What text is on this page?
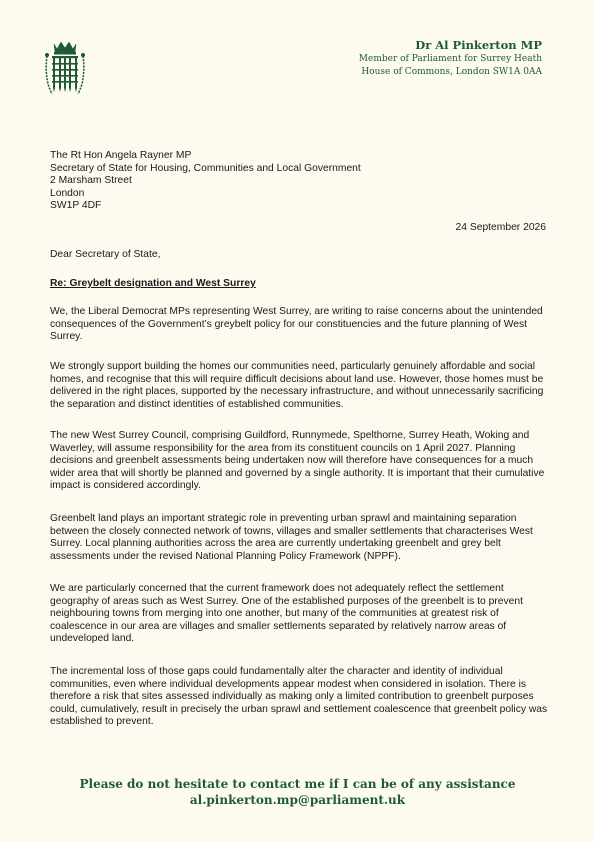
Dr Al Pinkerton MP
Member of Parliament for Surrey Heath
House of Commons, London SW1A 0AA
The Rt Hon Angela Rayner MP
Secretary of State for Housing, Communities and Local Government
2 Marsham Street
London
SW1P 4DF
24 September 2026
Dear Secretary of State,
Re: Greybelt designation and West Surrey

We, the Liberal Democrat MPs representing West Surrey, are writing to raise concerns about the unintended consequences of the Government’s greybelt policy for our constituencies and the future planning of West Surrey.

We strongly support building the homes our communities need, particularly genuinely affordable and social homes, and recognise that this will require difficult decisions about land use. However, those homes must be delivered in the right places, supported by the necessary infrastructure, and without unnecessarily sacrificing the separation and distinct identities of established communities.

The new West Surrey Council, comprising Guildford, Runnymede, Spelthorne, Surrey Heath, Woking and Waverley, will assume responsibility for the area from its constituent councils on 1 April 2027. Planning decisions and greenbelt assessments being undertaken now will therefore have consequences for a much wider area that will shortly be planned and governed by a single authority. It is important that their cumulative impact is considered accordingly.

Greenbelt land plays an important strategic role in preventing urban sprawl and maintaining separation between the closely connected network of towns, villages and smaller settlements that characterises West Surrey. Local planning authorities across the area are currently undertaking greenbelt and grey belt assessments under the revised National Planning Policy Framework (NPPF).

We are particularly concerned that the current framework does not adequately reflect the settlement geography of areas such as West Surrey. One of the established purposes of the greenbelt is to prevent neighbouring towns from merging into one another, but many of the communities at greatest risk of coalescence in our area are villages and smaller settlements separated by relatively narrow areas of undeveloped land.

The incremental loss of those gaps could fundamentally alter the character and identity of individual communities, even where individual developments appear modest when considered in isolation. There is therefore a risk that sites assessed individually as making only a limited contribution to greenbelt purposes could, cumulatively, result in precisely the urban sprawl and settlement coalescence that greenbelt policy was established to prevent.

Please do not hesitate to contact me if I can be of any assistance
al.pinkerton.mp@parliament.uk
